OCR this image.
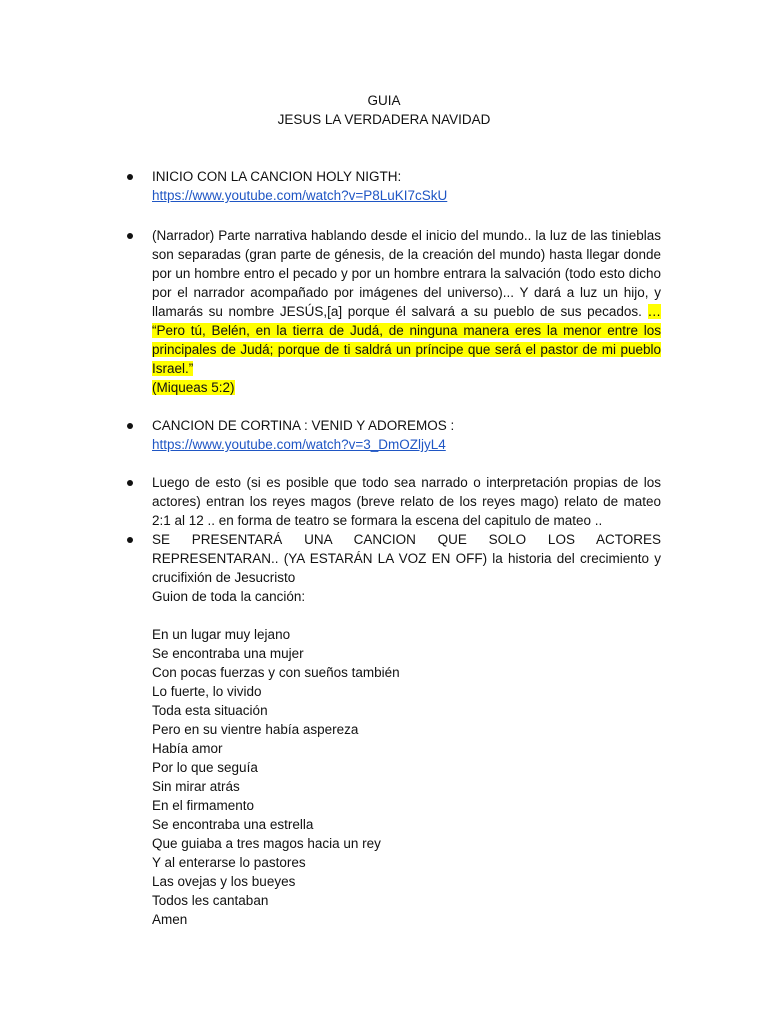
GUIA
JESUS LA VERDADERA NAVIDAD
INICIO CON LA CANCION HOLY NIGTH:
https://www.youtube.com/watch?v=P8LuKI7cSkU
(Narrador) Parte narrativa hablando desde el inicio del mundo.. la luz de las tinieblas son separadas (gran parte de génesis, de la creación del mundo) hasta llegar donde por un hombre entro el pecado y por un hombre entrara la salvación (todo esto dicho por el narrador acompañado por imágenes del universo)... Y dará a luz un hijo, y llamarás su nombre JESÚS,[a] porque él salvará a su pueblo de sus pecados. … “Pero tú, Belén, en la tierra de Judá, de ninguna manera eres la menor entre los principales de Judá; porque de ti saldrá un príncipe que será el pastor de mi pueblo Israel.”
(Miqueas 5:2)
CANCION DE CORTINA : VENID Y ADOREMOS :
https://www.youtube.com/watch?v=3_DmOZljyL4
Luego de esto (si es posible que todo sea narrado o interpretación propias de los actores) entran los reyes magos (breve relato de los reyes mago) relato de mateo 2:1 al 12 .. en forma de teatro se formara la escena del capitulo de mateo ..
SE PRESENTARÁ UNA CANCION QUE SOLO LOS ACTORES REPRESENTARAN.. (YA ESTARÁN LA VOZ EN OFF) la historia del crecimiento y crucifixión de Jesucristo
Guion de toda la canción:
En un lugar muy lejano
Se encontraba una mujer
Con pocas fuerzas y con sueños también
Lo fuerte, lo vivido
Toda esta situación
Pero en su vientre había aspereza
Había amor
Por lo que seguía
Sin mirar atrás
En el firmamento
Se encontraba una estrella
Que guiaba a tres magos hacia un rey
Y al enterarse lo pastores
Las ovejas y los bueyes
Todos les cantaban
Amen
